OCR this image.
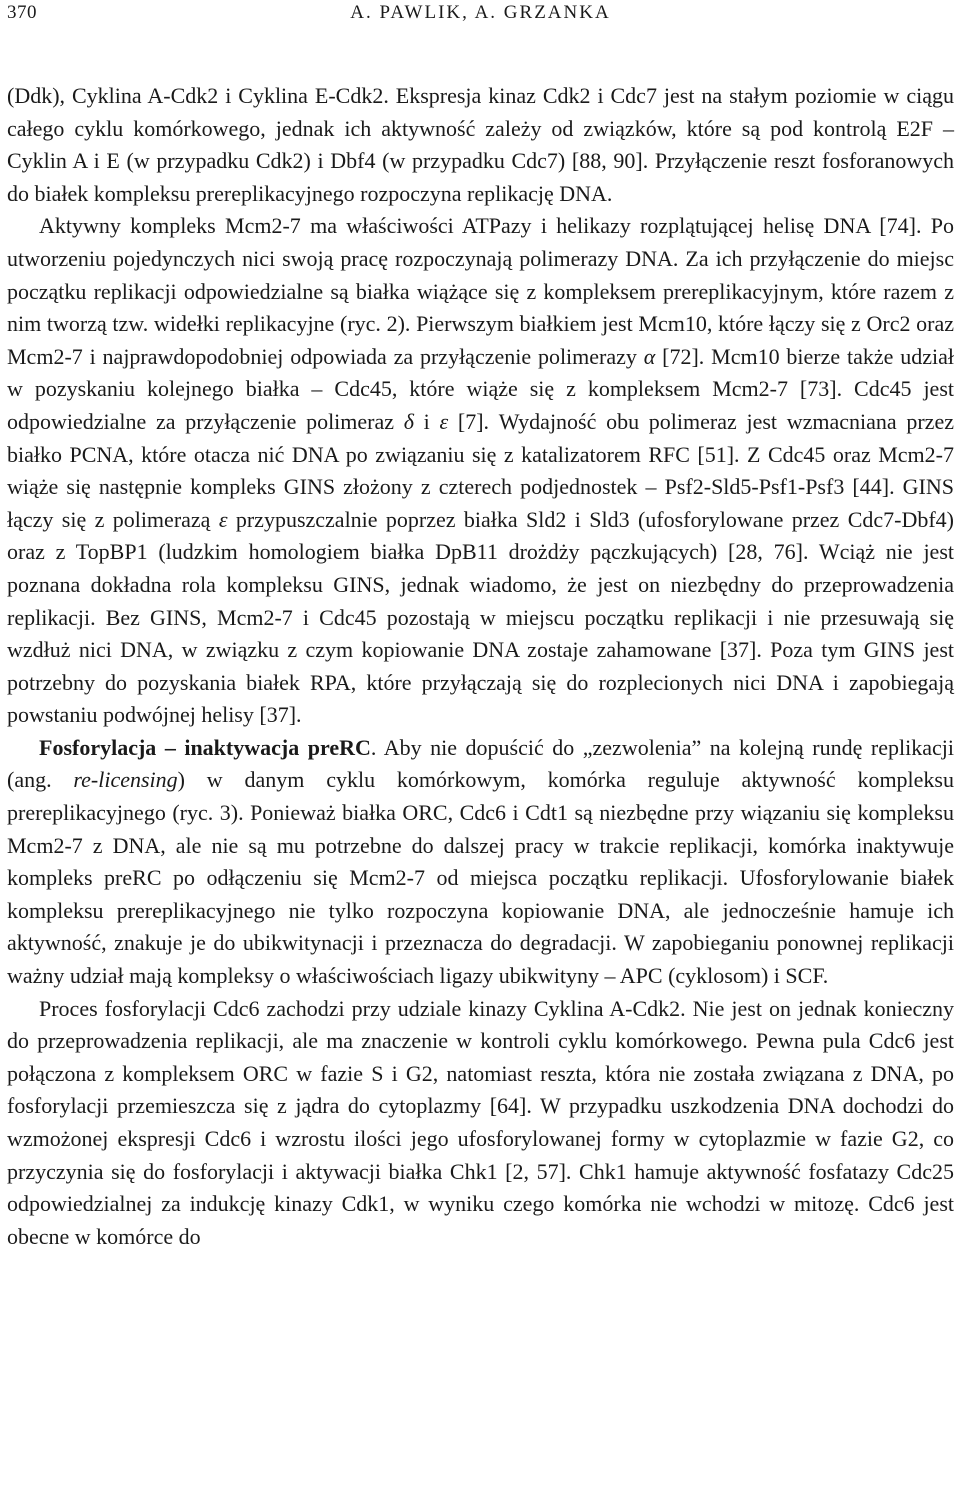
370	A. PAWLIK, A. GRZANKA

(Ddk), Cyklina A-Cdk2 i Cyklina E-Cdk2. Ekspresja kinaz Cdk2 i Cdc7 jest na stałym poziomie w ciągu całego cyklu komórkowego, jednak ich aktywność zależy od związków, które są pod kontrolą E2F – Cyklin A i E (w przypadku Cdk2) i Dbf4 (w przypadku Cdc7) [88, 90]. Przyłączenie reszt fosforanowych do białek kompleksu prereplikacyjnego rozpoczyna replikację DNA.

Aktywny kompleks Mcm2-7 ma właściwości ATPazy i helikazy rozplątującej helisę DNA [74]. Po utworzeniu pojedynczych nici swoją pracę rozpoczynają polimerazy DNA. Za ich przyłączenie do miejsc początku replikacji odpowiedzialne są białka wiążące się z kompleksem prereplikacyjnym, które razem z nim tworzą tzw. widełki replikacyjne (ryc. 2). Pierwszym białkiem jest Mcm10, które łączy się z Orc2 oraz Mcm2-7 i najprawdopodobniej odpowiada za przyłączenie polimerazy α [72]. Mcm10 bierze także udział w pozyskaniu kolejnego białka – Cdc45, które wiąże się z kompleksem Mcm2-7 [73]. Cdc45 jest odpowiedzialne za przyłączenie polimeraz δ i ε [7]. Wydajność obu polimeraz jest wzmacniana przez białko PCNA, które otacza nić DNA po związaniu się z katalizatorem RFC [51]. Z Cdc45 oraz Mcm2-7 wiąże się następnie kompleks GINS złożony z czterech podjednostek – Psf2-Sld5-Psf1-Psf3 [44]. GINS łączy się z polimerazą ε przypuszczalnie poprzez białka Sld2 i Sld3 (ufosforylowane przez Cdc7-Dbf4) oraz z TopBP1 (ludzkim homologiem białka DpB11 drożdży pączkujących) [28, 76]. Wciąż nie jest poznana dokładna rola kompleksu GINS, jednak wiadomo, że jest on niezbędny do przeprowadzenia replikacji. Bez GINS, Mcm2-7 i Cdc45 pozostają w miejscu początku replikacji i nie przesuwają się wzdłuż nici DNA, w związku z czym kopiowanie DNA zostaje zahamowane [37]. Poza tym GINS jest potrzebny do pozyskania białek RPA, które przyłączają się do rozplecionych nici DNA i zapobiegają powstaniu podwójnej helisy [37].

Fosforylacja – inaktywacja preRC. Aby nie dopuścić do „zezwolenia” na kolejną rundę replikacji (ang. re-licensing) w danym cyklu komórkowym, komórka reguluje aktywność kompleksu prereplikacyjnego (ryc. 3). Ponieważ białka ORC, Cdc6 i Cdt1 są niezbędne przy wiązaniu się kompleksu Mcm2-7 z DNA, ale nie są mu potrzebne do dalszej pracy w trakcie replikacji, komórka inaktywuje kompleks preRC po odłączeniu się Mcm2-7 od miejsca początku replikacji. Ufosforylowanie białek kompleksu prereplikacyjnego nie tylko rozpoczyna kopiowanie DNA, ale jednocześnie hamuje ich aktywność, znakuje je do ubikwitynacji i przeznacza do degradacji. W zapobieganiu ponownej replikacji ważny udział mają kompleksy o właściwościach ligazy ubikwityny – APC (cyklosom) i SCF.

Proces fosforylacji Cdc6 zachodzi przy udziale kinazy Cyklina A-Cdk2. Nie jest on jednak konieczny do przeprowadzenia replikacji, ale ma znaczenie w kontroli cyklu komórkowego. Pewna pula Cdc6 jest połączona z kompleksem ORC w fazie S i G2, natomiast reszta, która nie została związana z DNA, po fosforylacji przemieszcza się z jądra do cytoplazmy [64]. W przypadku uszkodzenia DNA dochodzi do wzmożonej ekspresji Cdc6 i wzrostu ilości jego ufosforylowanej formy w cytoplazmie w fazie G2, co przyczynia się do fosforylacji i aktywacji białka Chk1 [2, 57]. Chk1 hamuje aktywność fosfatazy Cdc25 odpowiedzialnej za indukcję kinazy Cdk1, w wyniku czego komórka nie wchodzi w mitozę. Cdc6 jest obecne w komórce do
